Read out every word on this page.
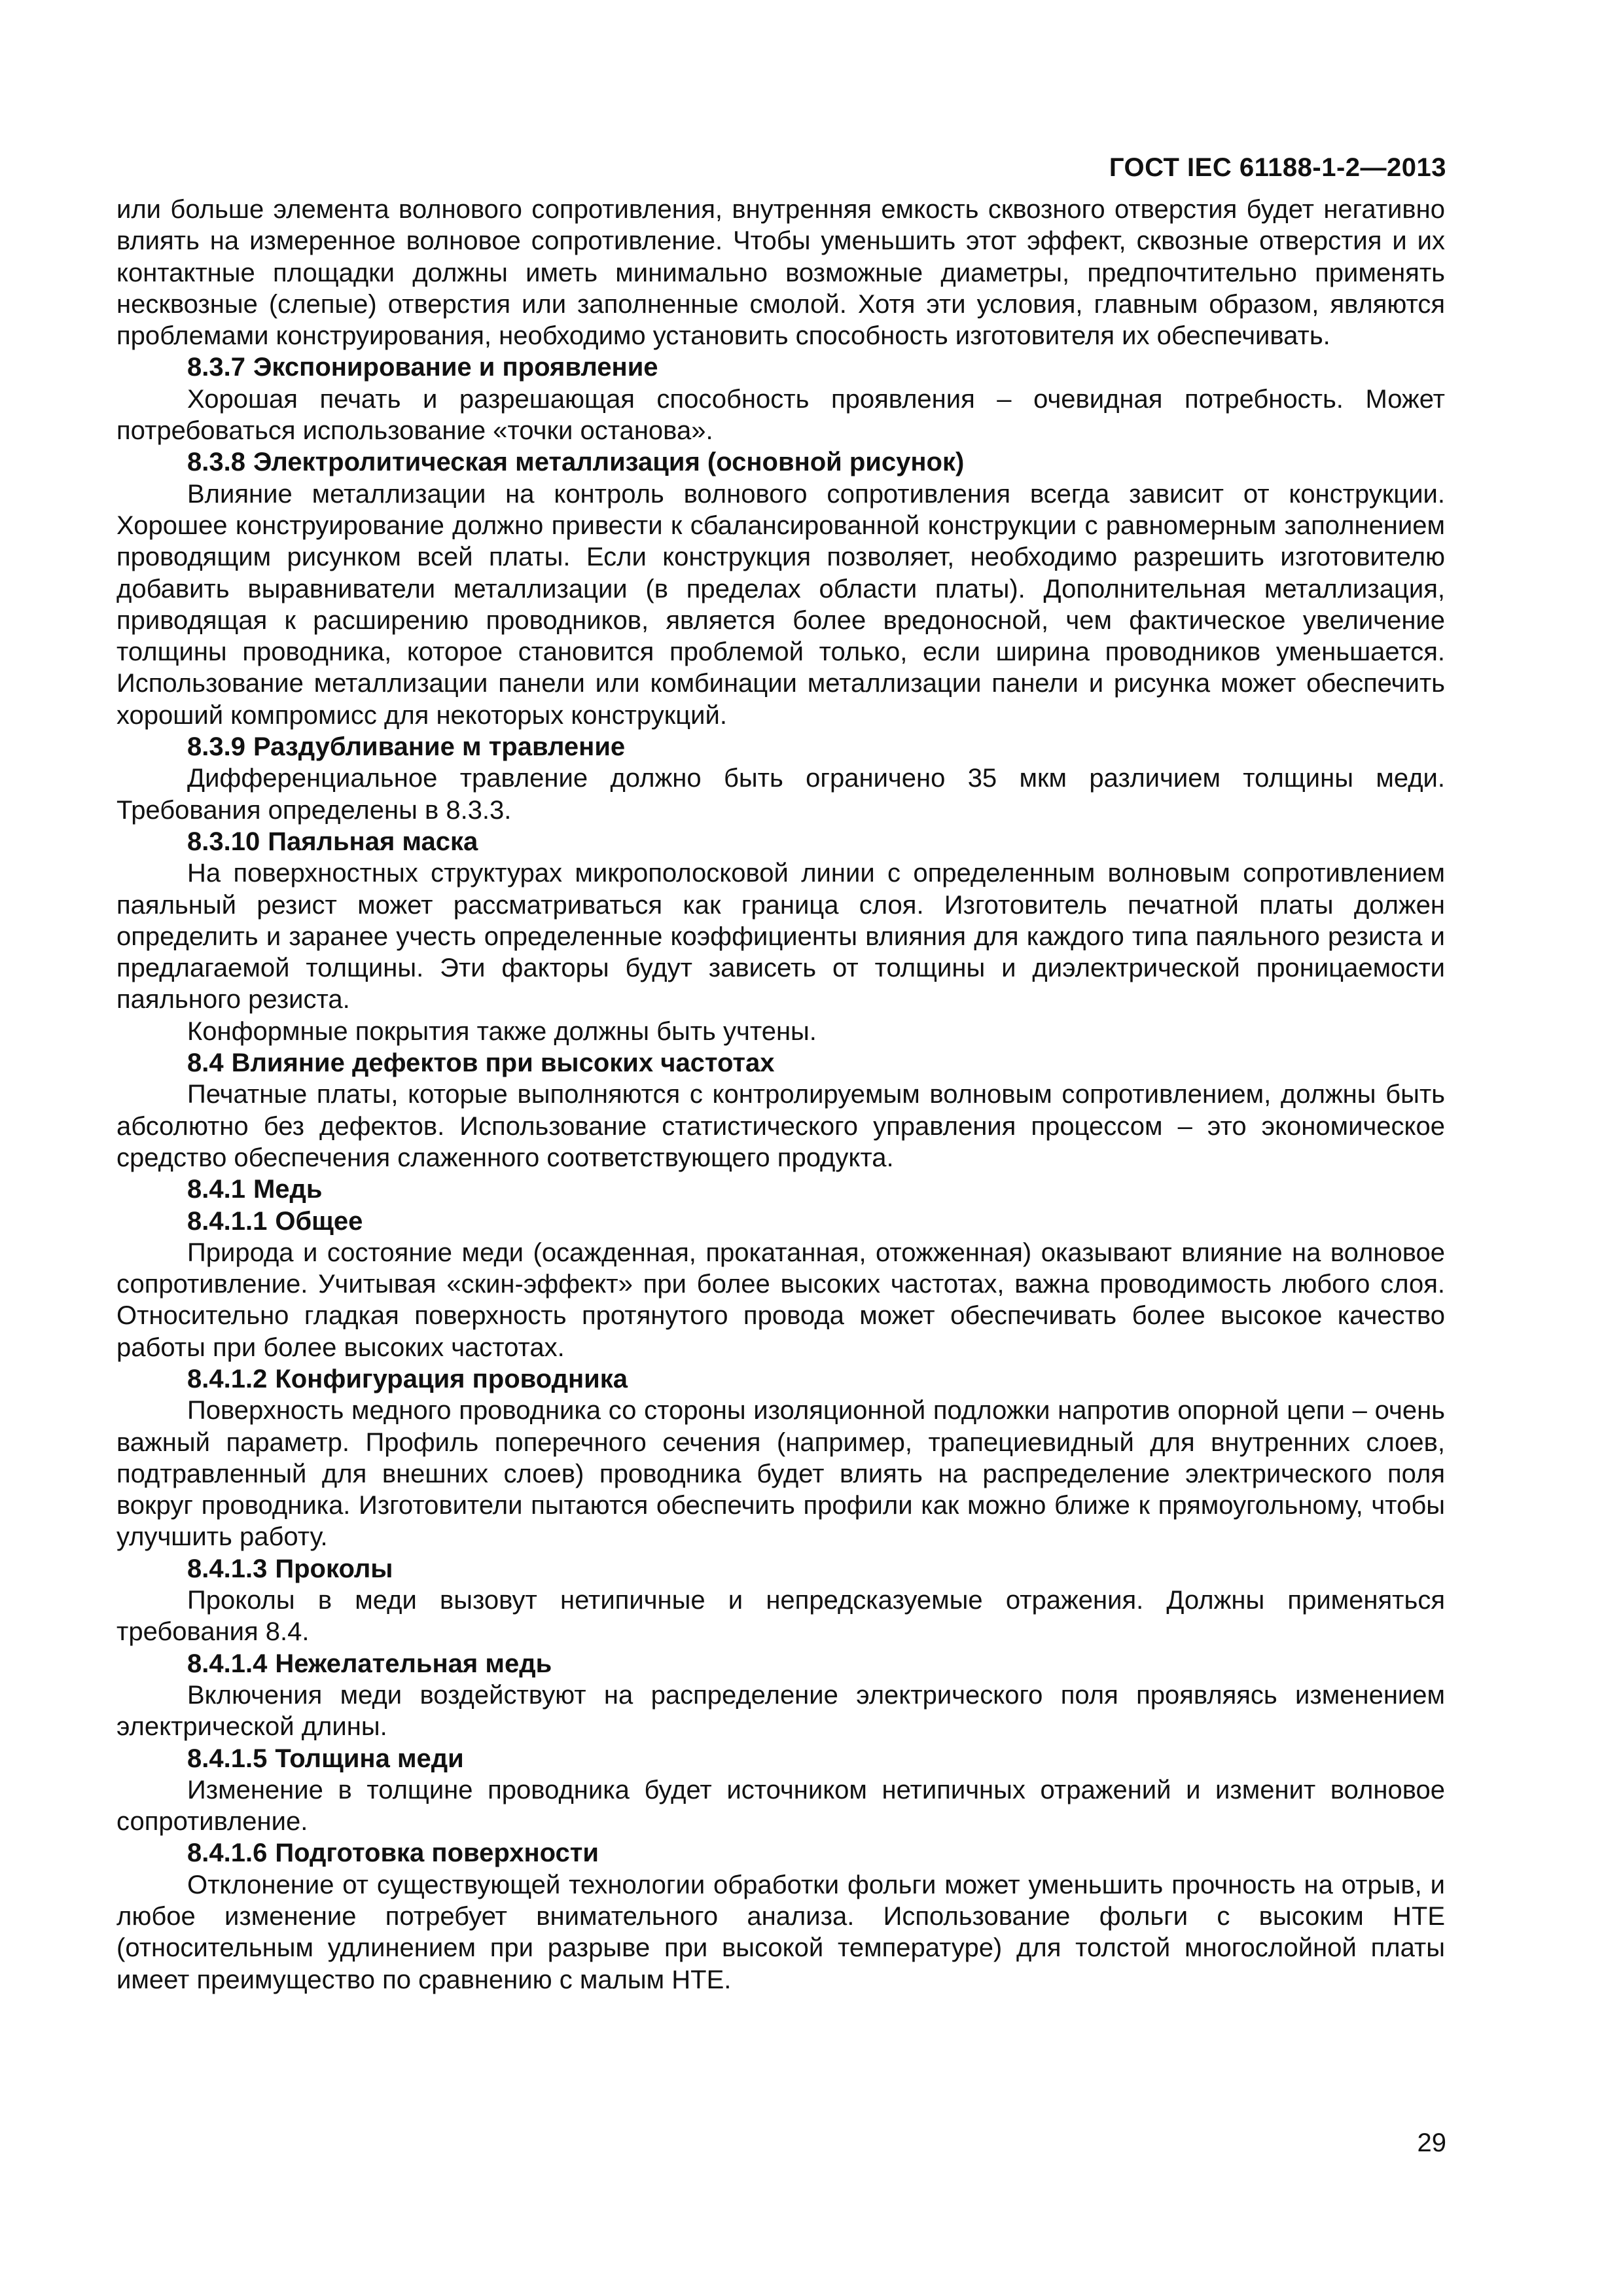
ГОСТ IEC 61188-1-2—2013

или больше элемента волнового сопротивления, внутренняя емкость сквозного отверстия будет негативно влиять на измеренное волновое сопротивление. Чтобы уменьшить этот эффект, сквозные отверстия и их контактные площадки должны иметь минимально возможные диаметры, предпочтительно применять несквозные (слепые) отверстия или заполненные смолой. Хотя эти условия, главным образом, являются проблемами конструирования, необходимо установить способность изготовителя их обеспечивать.

8.3.7 Экспонирование и проявление

Хорошая печать и разрешающая способность проявления – очевидная потребность. Может потребоваться использование «точки останова».

8.3.8 Электролитическая металлизация (основной рисунок)

Влияние металлизации на контроль волнового сопротивления всегда зависит от конструкции. Хорошее конструирование должно привести к сбалансированной конструкции с равномерным заполнением проводящим рисунком всей платы. Если конструкция позволяет, необходимо разрешить изготовителю добавить выравниватели металлизации (в пределах области платы). Дополнительная металлизация, приводящая к расширению проводников, является более вредоносной, чем фактическое увеличение толщины проводника, которое становится проблемой только, если ширина проводников уменьшается. Использование металлизации панели или комбинации металлизации панели и рисунка может обеспечить хороший компромисс для некоторых конструкций.

8.3.9 Раздубливание м травление

Дифференциальное травление должно быть ограничено 35 мкм различием толщины меди. Требования определены в 8.3.3.

8.3.10 Паяльная маска

На поверхностных структурах микрополосковой линии с определенным волновым сопротивлением паяльный резист может рассматриваться как граница слоя. Изготовитель печатной платы должен определить и заранее учесть определенные коэффициенты влияния для каждого типа паяльного резиста и предлагаемой толщины. Эти факторы будут зависеть от толщины и диэлектрической проницаемости паяльного резиста.

Конформные покрытия также должны быть учтены.

8.4 Влияние дефектов при высоких частотах

Печатные платы, которые выполняются с контролируемым волновым сопротивлением, должны быть абсолютно без дефектов. Использование статистического управления процессом – это экономическое средство обеспечения слаженного соответствующего продукта.

8.4.1 Медь
8.4.1.1 Общее

Природа и состояние меди (осажденная, прокатанная, отожженная) оказывают влияние на волновое сопротивление. Учитывая «скин-эффект» при более высоких частотах, важна проводимость любого слоя. Относительно гладкая поверхность протянутого провода может обеспечивать более высокое качество работы при более высоких частотах.

8.4.1.2 Конфигурация проводника

Поверхность медного проводника со стороны изоляционной подложки напротив опорной цепи – очень важный параметр. Профиль поперечного сечения (например, трапециевидный для внутренних слоев, подтравленный для внешних слоев) проводника будет влиять на распределение электрического поля вокруг проводника. Изготовители пытаются обеспечить профили как можно ближе к прямоугольному, чтобы улучшить работу.

8.4.1.3 Проколы

Проколы в меди вызовут нетипичные и непредсказуемые отражения. Должны применяться требования 8.4.

8.4.1.4 Нежелательная медь

Включения меди воздействуют на распределение электрического поля проявляясь изменением электрической длины.

8.4.1.5 Толщина меди

Изменение в толщине проводника будет источником нетипичных отражений и изменит волновое сопротивление.

8.4.1.6 Подготовка поверхности

Отклонение от существующей технологии обработки фольги может уменьшить прочность на отрыв, и любое изменение потребует внимательного анализа. Использование фольги с высоким НТЕ (относительным удлинением при разрыве при высокой температуре) для толстой многослойной платы имеет преимущество по сравнению с малым НТЕ.

29
